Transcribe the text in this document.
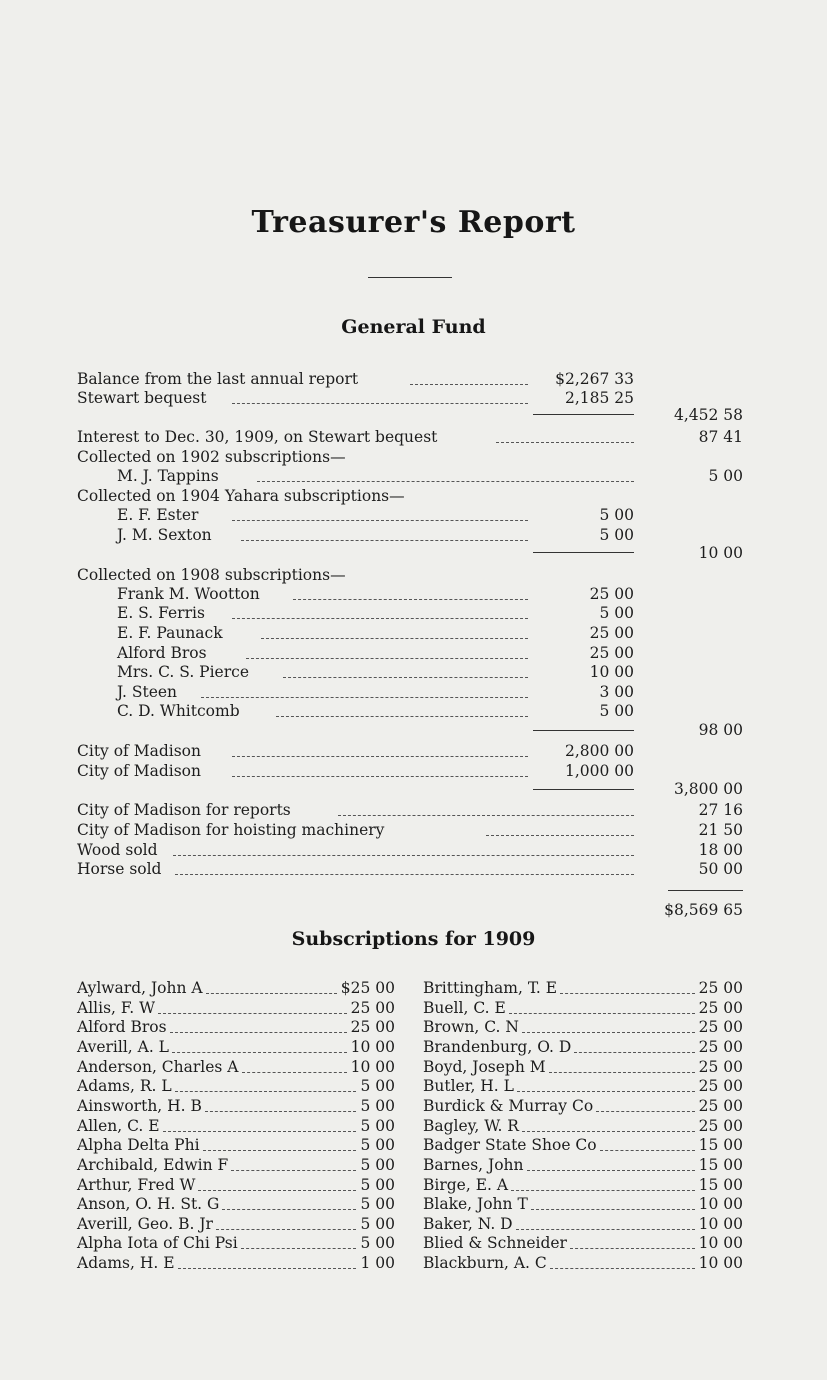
Treasurer's Report
General Fund
Balance from the last annual report	$2,267 33
Stewart bequest	2,185 25
4,452 58
Interest to Dec. 30, 1909, on Stewart bequest	87 41
Collected on 1902 subscriptions—
M. J. Tappins	5 00
Collected on 1904 Yahara subscriptions—
E. F. Ester	5 00
J. M. Sexton	5 00
10 00
Collected on 1908 subscriptions—
Frank M. Wootton	25 00
E. S. Ferris	5 00
E. F. Paunack	25 00
Alford Bros	25 00
Mrs. C. S. Pierce	10 00
J. Steen	3 00
C. D. Whitcomb	5 00
98 00
City of Madison	2,800 00
City of Madison	1,000 00
3,800 00
City of Madison for reports	27 16
City of Madison for hoisting machinery	21 50
Wood sold	18 00
Horse sold	50 00
$8,569 65
Subscriptions for 1909
Aylward, John A	$25 00
Allis, F. W	25 00
Alford Bros	25 00
Averill, A. L	10 00
Anderson, Charles A	10 00
Adams, R. L	5 00
Ainsworth, H. B	5 00
Allen, C. E	5 00
Alpha Delta Phi	5 00
Archibald, Edwin F	5 00
Arthur, Fred W	5 00
Anson, O. H. St. G	5 00
Averill, Geo. B. Jr	5 00
Alpha Iota of Chi Psi	5 00
Adams, H. E	1 00
Brittingham, T. E	25 00
Buell, C. E	25 00
Brown, C. N	25 00
Brandenburg, O. D	25 00
Boyd, Joseph M	25 00
Butler, H. L	25 00
Burdick & Murray Co	25 00
Bagley, W. R	25 00
Badger State Shoe Co	15 00
Barnes, John	15 00
Birge, E. A	15 00
Blake, John T	10 00
Baker, N. D	10 00
Blied & Schneider	10 00
Blackburn, A. C	10 00
